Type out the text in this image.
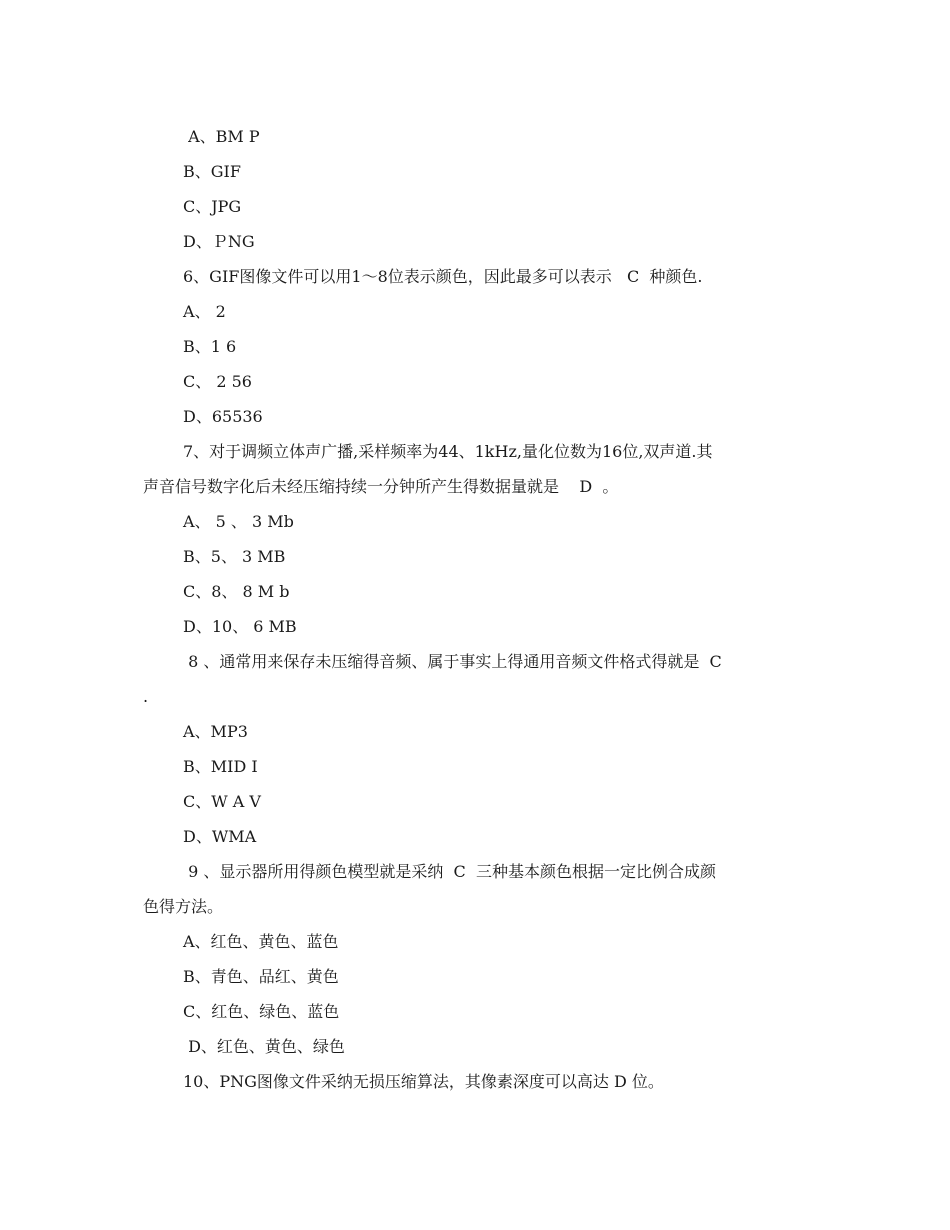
A、BM P
B、GIF
C、JPG
D、ＰNG
6、GIF图像文件可以用1～8位表示颜色，因此最多可以表示   C  种颜色.
A、 2
B、1 6
C、 2 56
D、65536
7、对于调频立体声广播,采样频率为44、1kHz,量化位数为16位,双声道.其
声音信号数字化后未经压缩持续一分钟所产生得数据量就是    D  。
A、 5 、 3 Mb
B、5、 3 MB
C、8、 8 M b
D、10、 6 MB
8 、通常用来保存未压缩得音频、属于事实上得通用音频文件格式得就是  C
.
A、MP3
B、MID I
C、W A V
D、WMA
9 、显示器所用得颜色模型就是采纳  C  三种基本颜色根据一定比例合成颜
色得方法。
A、红色、黄色、蓝色
B、青色、品红、黄色
C、红色、绿色、蓝色
D、红色、黄色、绿色
10、PNG图像文件采纳无损压缩算法，其像素深度可以高达 D 位。
